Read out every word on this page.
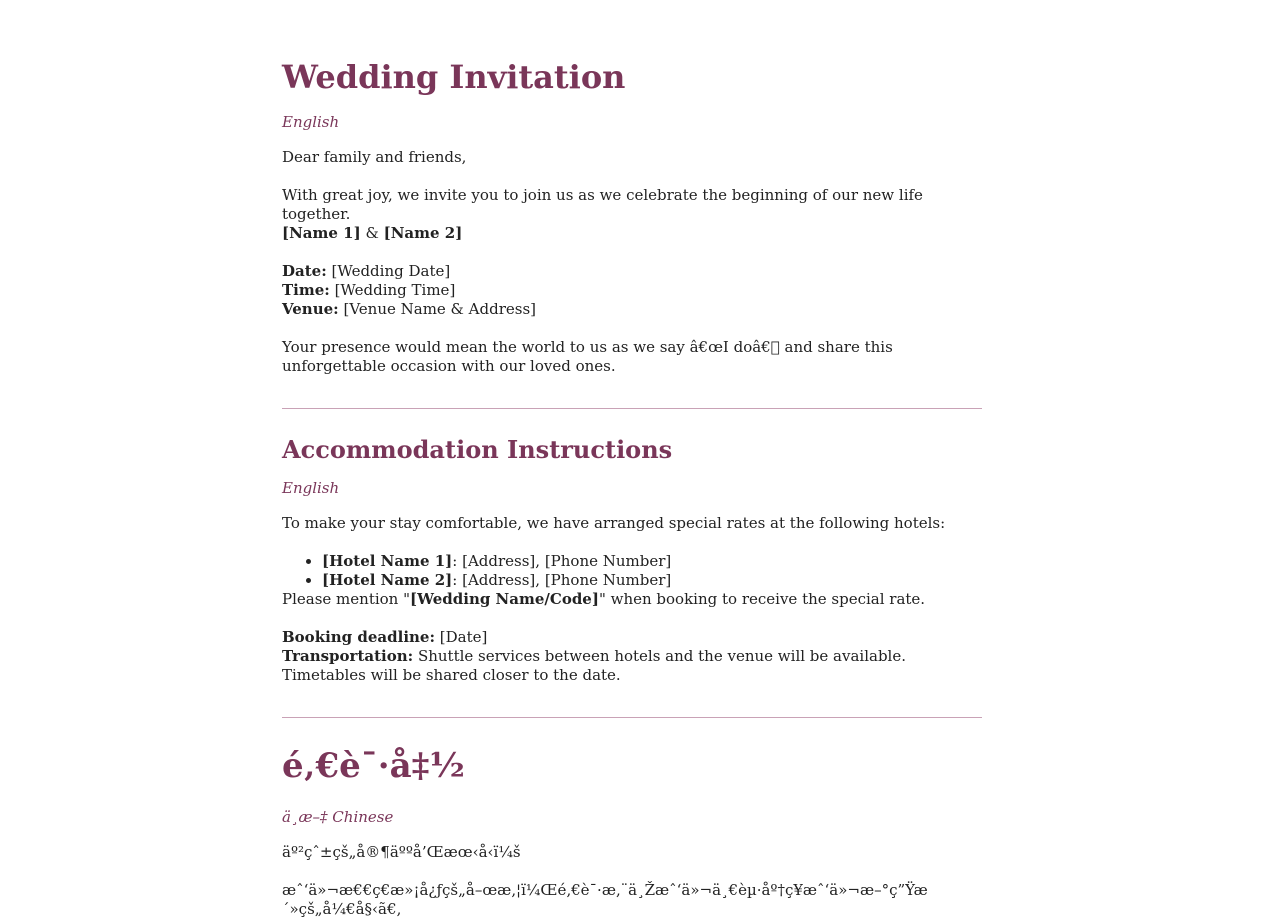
Wedding Invitation
English

Dear family and friends,

With great joy, we invite you to join us as we celebrate the beginning of our new life together.
[Name 1] & [Name 2]
Date: [Wedding Date]
Time: [Wedding Time]
Venue: [Venue Name & Address]

Your presence would mean the world to us as we say â€œI doâ€  and share this unforgettable occasion with our loved ones.

Accommodation Instructions
English

To make your stay comfortable, we have arranged special rates at the following hotels:

• [Hotel Name 1]: [Address], [Phone Number]
• [Hotel Name 2]: [Address], [Phone Number]

Please mention "[Wedding Name/Code]" when booking to receive the special rate.

Booking deadline: [Date]
Transportation: Shuttle services between hotels and the venue will be available. Timetables will be shared closer to the date.
é‚€è¯·å‡½
ä¸æ–‡ Chinese

äº²çˆ±çš„å®¶äººå’Œæœ‹å‹ï¼š

æˆ‘ä»¬æ€€ç€æ»¡å¿ƒçš„å–œæ‚¦ï¼Œé‚€è¯·æ‚¨ä¸Žæˆ‘ä»¬ä¸€èµ·åº†ç¥æˆ‘ä»¬æ–°ç”Ÿæ´»çš„å¼€å§‹ã€‚
